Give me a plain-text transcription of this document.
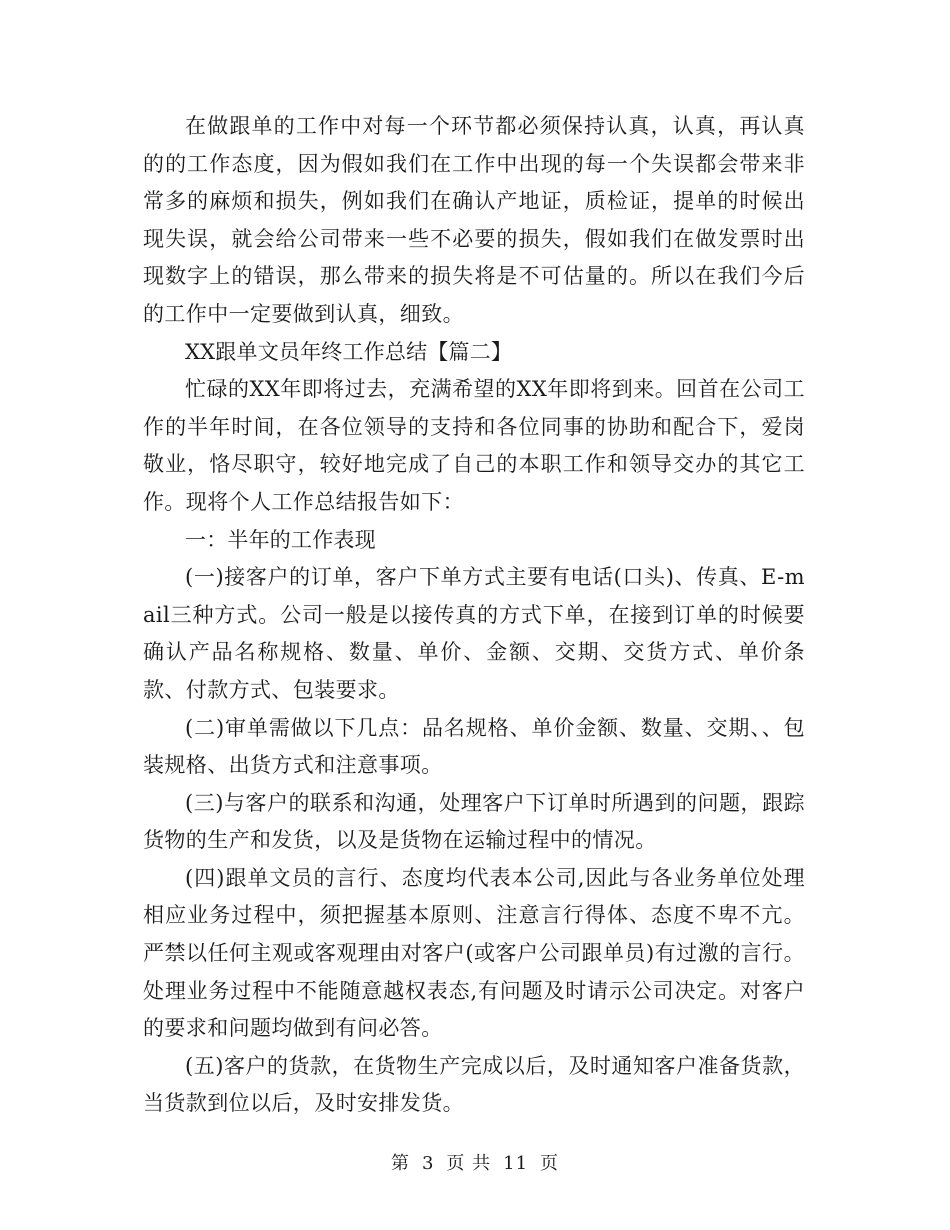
在做跟单的工作中对每一个环节都必须保持认真，认真，再认真的的工作态度，因为假如我们在工作中出现的每一个失误都会带来非常多的麻烦和损失，例如我们在确认产地证，质检证，提单的时候出现失误，就会给公司带来一些不必要的损失，假如我们在做发票时出现数字上的错误，那么带来的损失将是不可估量的。所以在我们今后的工作中一定要做到认真，细致。

XX跟单文员年终工作总结【篇二】

忙碌的XX年即将过去，充满希望的XX年即将到来。回首在公司工作的半年时间，在各位领导的支持和各位同事的协助和配合下，爱岗敬业，恪尽职守，较好地完成了自己的本职工作和领导交办的其它工作。现将个人工作总结报告如下：

一：半年的工作表现

(一)接客户的订单，客户下单方式主要有电话(口头)、传真、E-mail三种方式。公司一般是以接传真的方式下单，在接到订单的时候要确认产品名称规格、数量、单价、金额、交期、交货方式、单价条款、付款方式、包装要求。

(二)审单需做以下几点：品名规格、单价金额、数量、交期、、包装规格、出货方式和注意事项。

(三)与客户的联系和沟通，处理客户下订单时所遇到的问题，跟踪货物的生产和发货，以及是货物在运输过程中的情况。

(四)跟单文员的言行、态度均代表本公司,因此与各业务单位处理相应业务过程中，须把握基本原则、注意言行得体、态度不卑不亢。严禁以任何主观或客观理由对客户(或客户公司跟单员)有过激的言行。处理业务过程中不能随意越权表态,有问题及时请示公司决定。对客户的要求和问题均做到有问必答。

(五)客户的货款，在货物生产完成以后，及时通知客户准备货款，当货款到位以后，及时安排发货。

第 3 页 共 11 页
